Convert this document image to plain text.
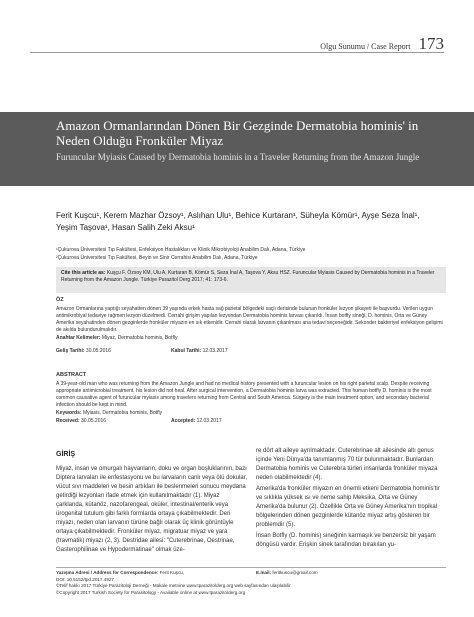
Olgu Sunumu / Case Report 173
Amazon Ormanlarından Dönen Bir Gezginde Dermatobia hominis' in Neden Olduğu Fronküler Miyaz
Furuncular Myiasis Caused by Dermatobia hominis in a Traveler Returning from the Amazon Jungle
Ferit Kuşcu¹, Kerem Mazhar Özsoy¹, Aslıhan Ulu¹, Behice Kurtaran¹, Süheyla Kömür¹, Ayşe Seza İnal¹,
Yeşim Taşova¹, Hasan Salih Zeki Aksu¹
¹Çukurova Üniversitesi Tıp Fakültesi, Enfeksiyon Hastalıkları ve Klinik Mikrobiyoloji Anabilim Dalı, Adana, Türkiye
²Çukurova Üniversitesi Tıp Fakültesi, Beyin ve Sinir Cerrahisi Anabilim Dalı, Adana, Türkiye
Cite this article as: Kuşçu F, Özsoy KM, Ulu A, Kurtaran B, Kömür S, Seza İnal A, Taşova Y, Aksu HSZ. Furuncular Myiasis Caused by Dermatobia hominis in a Traveler Returning from the Amazon Jungle. Türkiye Parazitol Derg 2017; 41: 173-6.
ÖZ
Amazon Ormanlarına yaptığı seyahatten dönen 39 yaşında erkek hasta sağ parietal bölgedeki saçlı derisinde bulunan fronküler lezyon şikayeti ile başvurdu. Verilen uygun antimikrobiyal tedaviye rağmen lezyon düzelmedi. Cerrahi girişim yapılan lezyondan Dermatobia hominis larvası çıkarıldı. İnsan botfly sineği, D. hominis, Orta ve Güney Amerika seyahatinden dönen gezginlerde fronküler miyazın en sık etkenidir. Cerrahi olarak larvanın çıkarılması ana tedavi seçeneğidir. Sekonder bakteriyel enfeksiyon gelişimi de akılda bulundurulmalıdır.
Anahtar Kelimeler: Miyaz, Dermatobia hominis, Botfly
Geliş Tarihi: 30.05.2016	Kabul Tarihi: 12.03.2017
ABSTRACT
A 39-year-old man who was returning from the Amazon Jungle and had no medical history presented with a furuncular lesion on his right parietal scalp. Despite receiving appropriate antimicrobial treatment, his lesion did not heal. After surgical intervention, a Dermatobia hominis larva was extracted. This human botfly D. hominis is the most common causative agent of furuncular myiasis among travelers returning from Central and South America. Surgery is the main treatment option, and secondary bacterial infection should be kept in mind.
Keywords: Myiasis, Dermatobia hominis, Botfly
Received: 30.05.2016	Accepted: 12.03.2017
GİRİŞ
Miyaz, insan ve omurgalı hayvanların, doku ve organ boşluklarının, bazı Diptera larvaları ile enfestasyonu ve bu larvaların canlı veya ölü dokular, vücut sıvı maddeleri ve besin artıkları ile beslenmeleri sonucu meydana getirdiği lezyonları ifade etmek için kullanılmaktadır (1). Miyaz çarklanda, kütanöz, nazofarengeal, oküler, intestinal/enterik veya ürogenital tutulum gibi farklı formlarda ortaya çıkabilmektedir. Deri miyazı, neden olan larvanın türüne bağlı olarak üç klinik görüntüyle ortaya çıkabilmektedir. Fronküler miyaz, migratuar miyaz ve yara (travmatik) miyazı (2, 3). Destridae ailesi: "Cuterebrinae, Oestrinae, Gasterophilinae ve Hypodermatinae" olmak üze-
re dört alt aileye ayrılmaktadır. Cuterebrinae alt ailesinde altı genus içinde Yeni Dünya'da tanımlanmış 70 tür bulunmaktadır. Bunlardan Dermatobia hominis ve Cuterebra türleri insanlarda fronküler miyaza neden olabilmektedir (4).
Amerika'da fronküler miyazın en önemli etkeni Dermatobia hominis'tir ve sıklıkla yüksek ısı ve neme sahip Meksika, Orta ve Güney Amerika'da bulunur (2). Özellikle Orta ve Güney Amerika'nın tropikal bölgelerinden dönen gezginlerde kütanöz miyaz artış gösteren bir problemdir (5).
İnsan Botfly (D. hominis) sineğinin karmaşık ve benzersiz bir yaşam döngüsü vardır. Erişkin sinek tarafından bırakılan yu-
Yazışma Adresi / Address for Correspondence: Ferit Kuşcu,	E.mail: feritkuscu@gmail.com
DOI: 10.5152/tpd.2017.4927
©Telif hakkı 2017 Türkiye Parazitoloji Derneği - Makale metnine www.tparazitolderg.org web sayfasından ulaşılabilir.
©Copyright 2017 Turkish Society for Parasitology - Available online at www.tparazitolderg.org
